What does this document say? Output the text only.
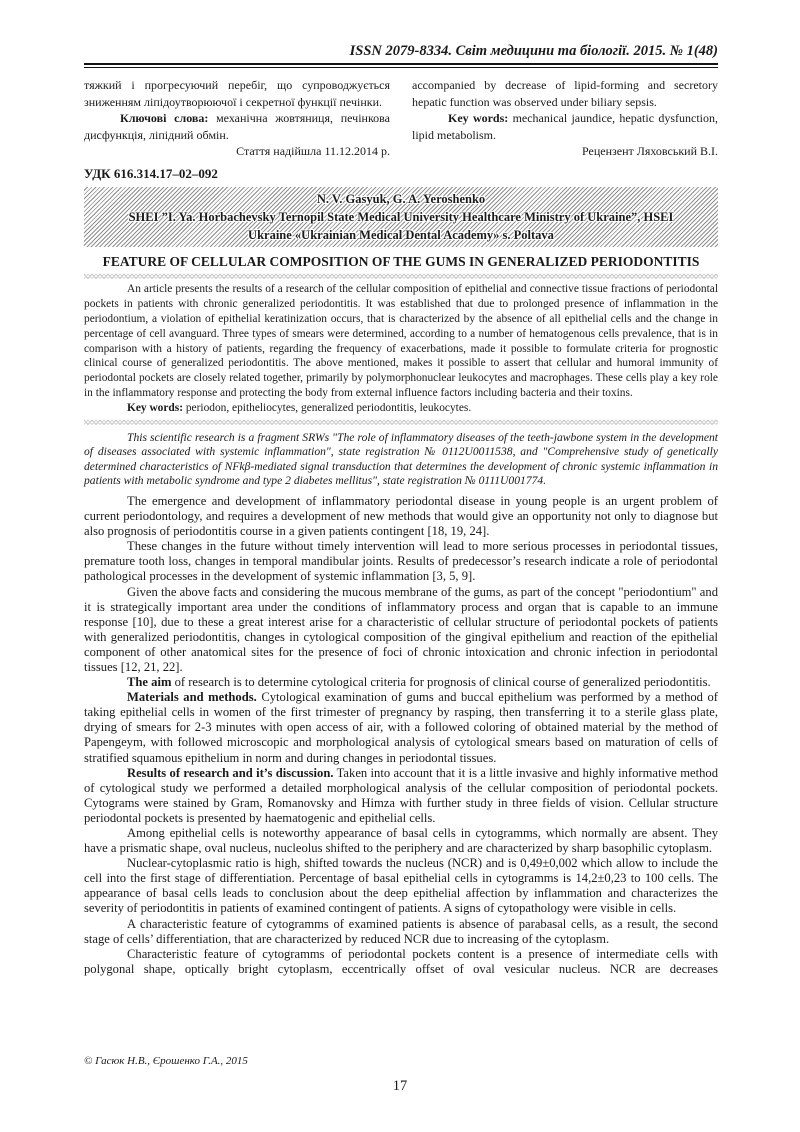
ISSN 2079-8334. Світ медицини та біології. 2015. № 1(48)

тяжкий і прогресуючий перебіг, що супроводжується зниженням ліпідоутворюючої і секретної функції печінки.

Ключові слова: механічна жовтяниця, печінкова дисфункція, ліпідний обмін.

Стаття надійшла 11.12.2014 р.

accompanied by decrease of lipid-forming and secretory hepatic function was observed under biliary sepsis.

Key words: mechanical jaundice, hepatic dysfunction, lipid metabolism.

Рецензент Ляховський В.І.

УДК 616.314.17–02–092
N. V. Gasyuk, G. A. Yeroshenko
SHEI ”I. Ya. Horbachevsky Ternopil State Medical University Healthcare Ministry of Ukraine”, HSEI
Ukraine «Ukrainian Medical Dental Academy» s. Poltava
FEATURE OF CELLULAR COMPOSITION OF THE GUMS IN GENERALIZED PERIODONTITIS

An article presents the results of a research of the cellular composition of epithelial and connective tissue fractions of periodontal pockets in patients with chronic generalized periodontitis. It was established that due to prolonged presence of inflammation in the periodontium, a violation of epithelial keratinization occurs, that is characterized by the absence of all epithelial cells and the change in percentage of cell avanguard. Three types of smears were determined, according to a number of hematogenous cells prevalence, that is in comparison with a history of patients, regarding the frequency of exacerbations, made it possible to formulate criteria for prognostic clinical course of generalized periodontitis. The above mentioned, makes it possible to assert that cellular and humoral immunity of periodontal pockets are closely related together, primarily by polymorphonuclear leukocytes and macrophages. These cells play a key role in the inflammatory response and protecting the body from external influence factors including bacteria and their toxins.

Key words: periodon, epitheliocytes, generalized periodontitis, leukocytes.

This scientific research is a fragment SRWs "The role of inflammatory diseases of the teeth-jawbone system in the development of diseases associated with systemic inflammation", state registration № 0112U0011538, and "Comprehensive study of genetically determined characteristics of NFkβ-mediated signal transduction that determines the development of chronic systemic inflammation in patients with metabolic syndrome and type 2 diabetes mellitus", state registration № 0111U001774.

The emergence and development of inflammatory periodontal disease in young people is an urgent problem of current periodontology, and requires a development of new methods that would give an opportunity not only to diagnose but also prognosis of periodontitis course in a given patients contingent [18, 19, 24].

These changes in the future without timely intervention will lead to more serious processes in periodontal tissues, premature tooth loss, changes in temporal mandibular joints. Results of predecessor’s research indicate a role of periodontal pathological processes in the development of systemic inflammation [3, 5, 9].

Given the above facts and considering the mucous membrane of the gums, as part of the concept "periodontium" and it is strategically important area under the conditions of inflammatory process and organ that is capable to an immune response [10], due to these a great interest arise for a characteristic of cellular structure of periodontal pockets of patients with generalized periodontitis, changes in cytological composition of the gingival epithelium and reaction of the epithelial component of other anatomical sites for the presence of foci of chronic intoxication and chronic infection in periodontal tissues [12, 21, 22].

The aim of research is to determine cytological criteria for prognosis of clinical course of generalized periodontitis.

Materials and methods. Cytological examination of gums and buccal epithelium was performed by a method of taking epithelial cells in women of the first trimester of pregnancy by rasping, then transferring it to a sterile glass plate, drying of smears for 2-3 minutes with open access of air, with a followed coloring of obtained material by the method of Papengeym, with followed microscopic and morphological analysis of cytological smears based on maturation of cells of stratified squamous epithelium in norm and during changes in periodontal tissues.

Results of research and it’s discussion. Taken into account that it is a little invasive and highly informative method of cytological study we performed a detailed morphological analysis of the cellular composition of periodontal pockets. Cytograms were stained by Gram, Romanovsky and Himza with further study in three fields of vision. Cellular structure periodontal pockets is presented by haematogenic and epithelial cells.

Among epithelial cells is noteworthy appearance of basal cells in cytogramms, which normally are absent. They have a prismatic shape, oval nucleus, nucleolus shifted to the periphery and are characterized by sharp basophilic cytoplasm.

Nuclear-cytoplasmic ratio is high, shifted towards the nucleus (NCR) and is 0,49±0,002 which allow to include the cell into the first stage of differentiation. Percentage of basal epithelial cells in cytogramms is 14,2±0,23 to 100 cells. The appearance of basal cells leads to conclusion about the deep epithelial affection by inflammation and characterizes the severity of periodontitis in patients of examined contingent of patients. A signs of cytopathology were visible in cells.

A characteristic feature of cytogramms of examined patients is absence of parabasal cells, as a result, the second stage of cells’ differentiation, that are characterized by reduced NCR due to increasing of the cytoplasm.

Characteristic feature of cytogramms of periodontal pockets content is a presence of intermediate cells with polygonal shape, optically bright cytoplasm, eccentrically offset of oval vesicular nucleus. NCR are decreases

© Гасюк Н.В., Єрошенко Г.А., 2015
17
